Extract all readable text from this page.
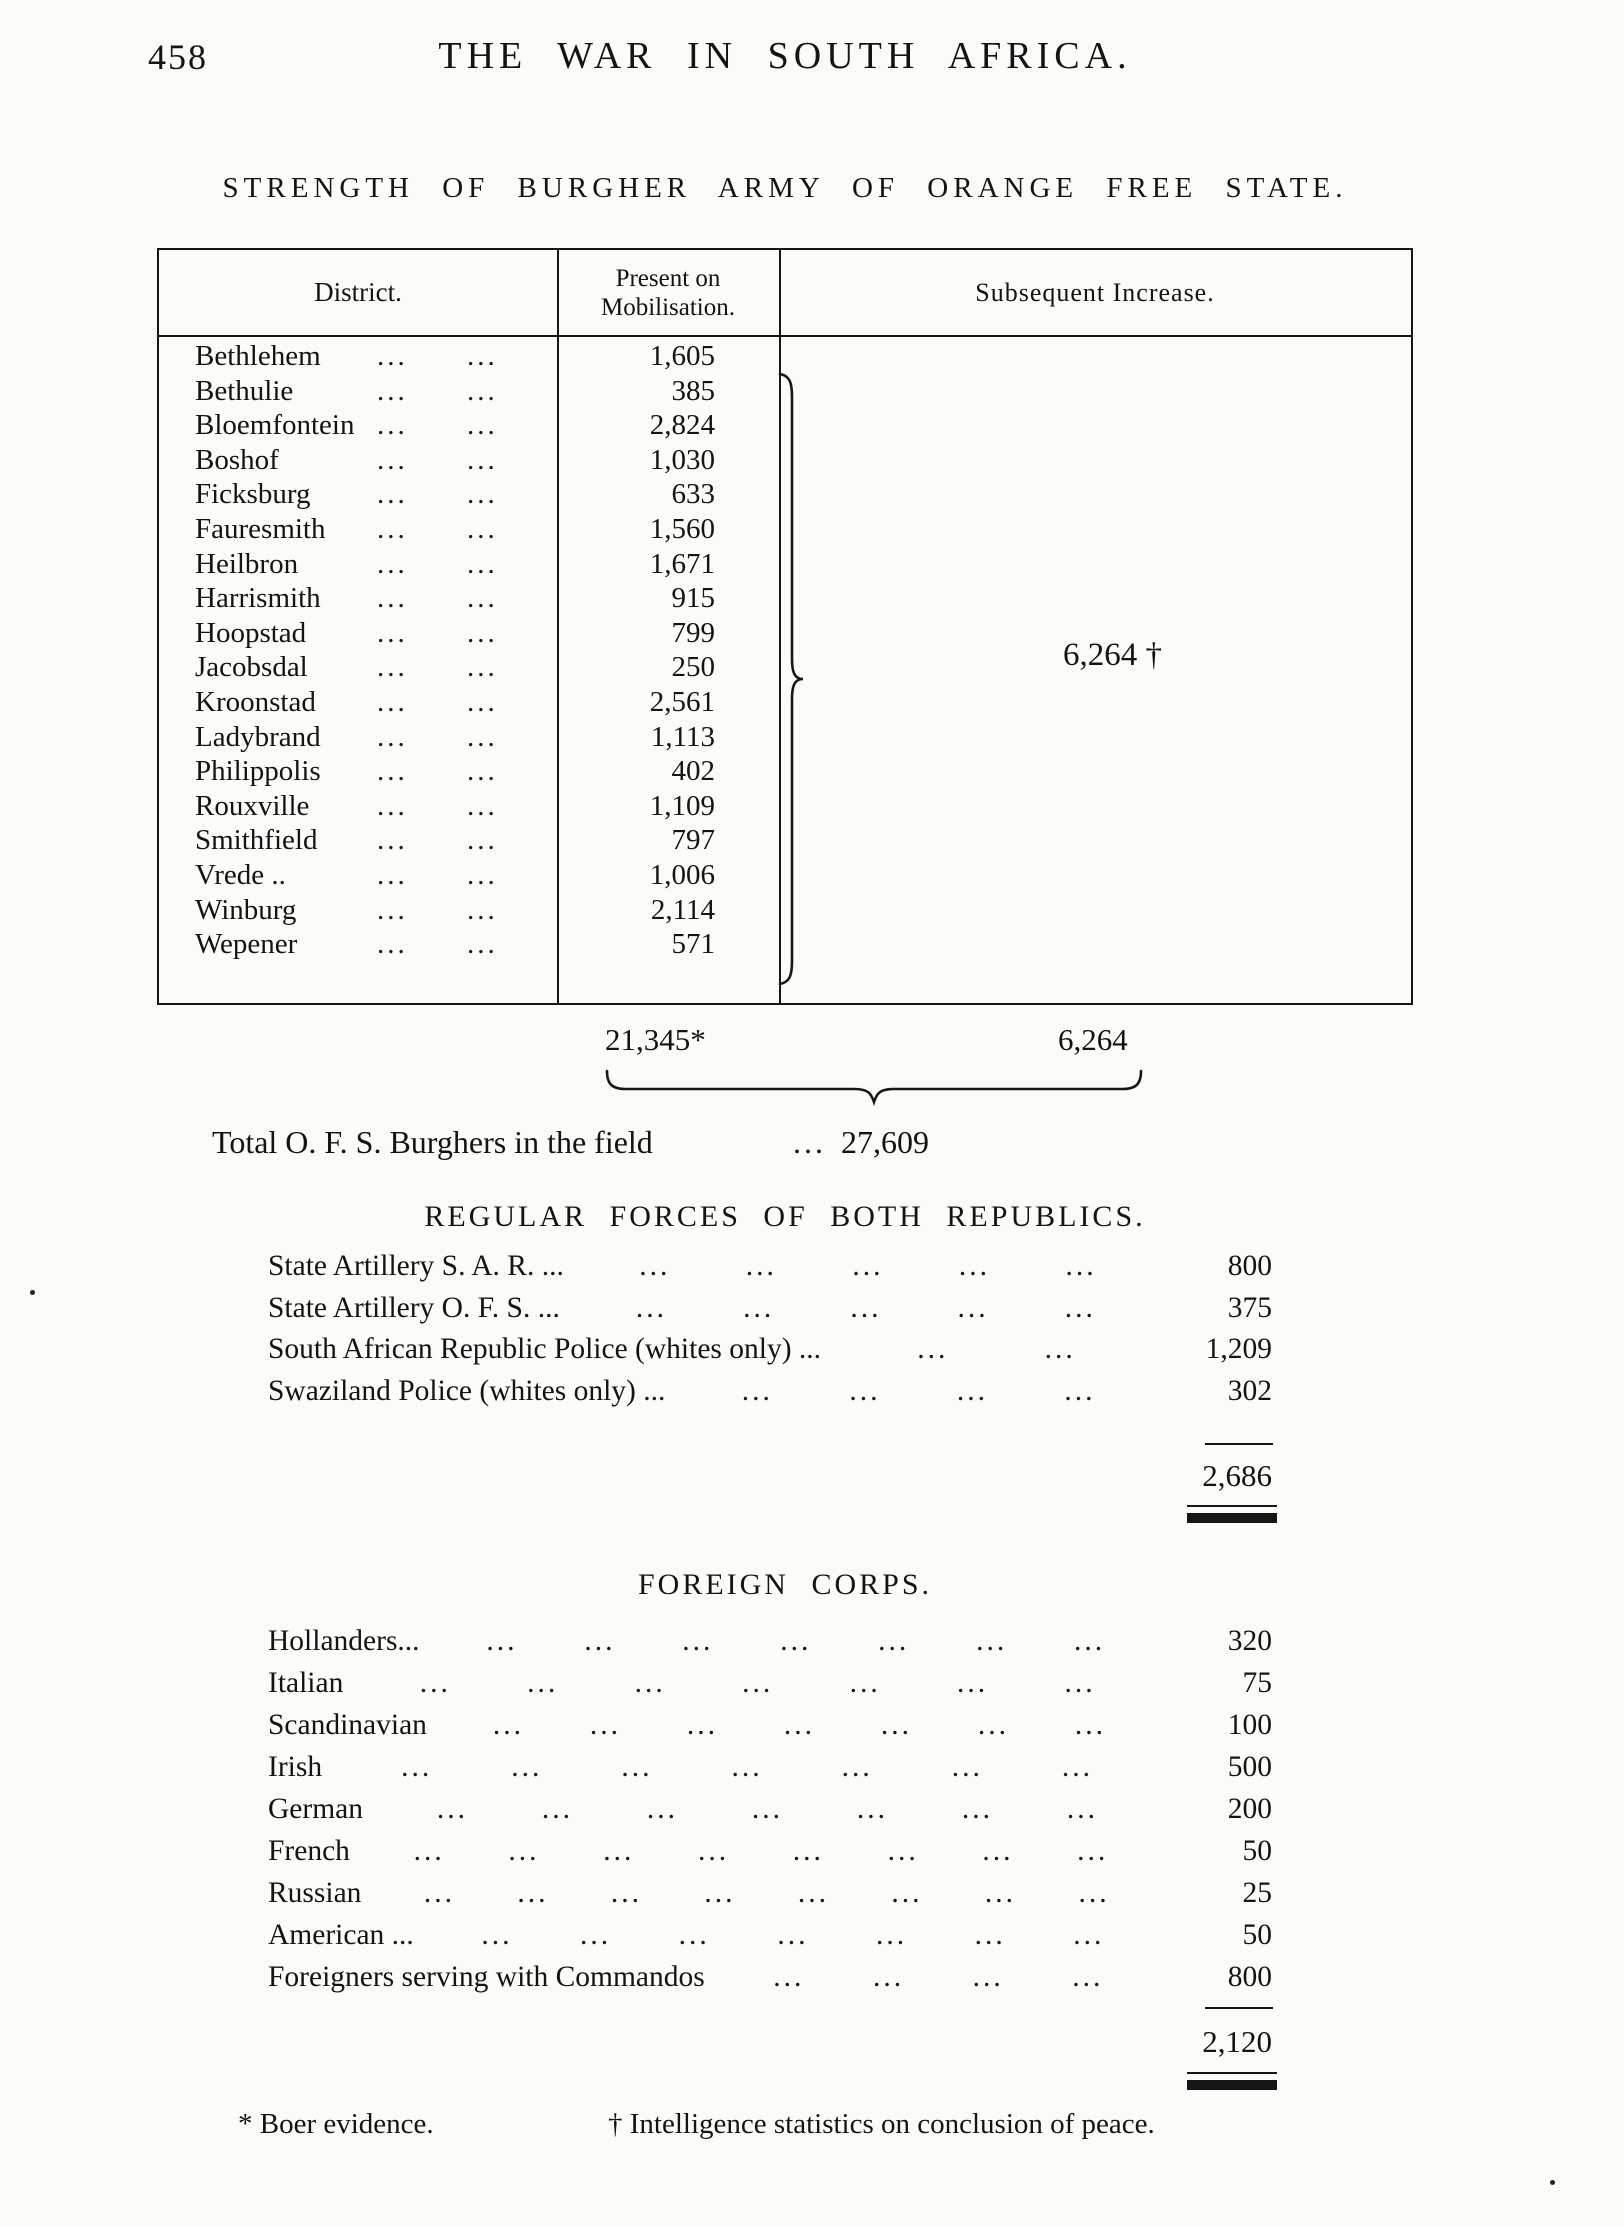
458	THE WAR IN SOUTH AFRICA.
STRENGTH OF BURGHER ARMY OF ORANGE FREE STATE.
District.	Present on
Mobilisation.
Subsequent Increase.
Bethlehem	...	...	1,605
Bethulie	...	...	385
Bloemfontein ...	...	2,824
Boshof	...	...	1,030
Ficksburg	...	...	633
Fauresmith	...	...	1,560
Heilbron	...	...	1,671
Harrismith	...	...	915
Hoopstad	...	...	799
Jacobsdal	...	...	250
Kroonstad	...	...	2,561
Ladybrand	...	...	1,113
Philippolis	...	...	402
Rouxville	...	...	1,109
Smithfield	...	...	797
Vrede ..	...	...	1,006
Winburg	...	...	2,114
Wepener	...	...	571
6,264 †
21,345*	6,264
Total O. F. S. Burghers in the field	... 27,609
REGULAR FORCES OF BOTH REPUBLICS.
State Artillery S. A. R. ...	...	...	...	...	...	800
State Artillery O. F. S. ...	...	...	...	...	...	375
South African Republic Police (whites only) ...	...	...	1,209
Swaziland Police (whites only) ...	...	...	...	...	302
2,686
FOREIGN CORPS.
Hollanders... ... ... ... ... ... ... ...	320
Italian	...	...	...	...	...	...	...	75
Scandinavian ... ... ... ... ... ... ...	100
Irish	...	...	...	...	...	...	...	500
German	...	...	...	...	...	...	...	200
French ... ... ... ... ... ... ... ...	50
Russian ... ... ... ... ... ... ... ...	25
American ... ... ... ... ... ... ... ...	50
Foreigners serving with Commandos ... ... ... ...	800
2,120
* Boer evidence.	† Intelligence statistics on conclusion of peace.
